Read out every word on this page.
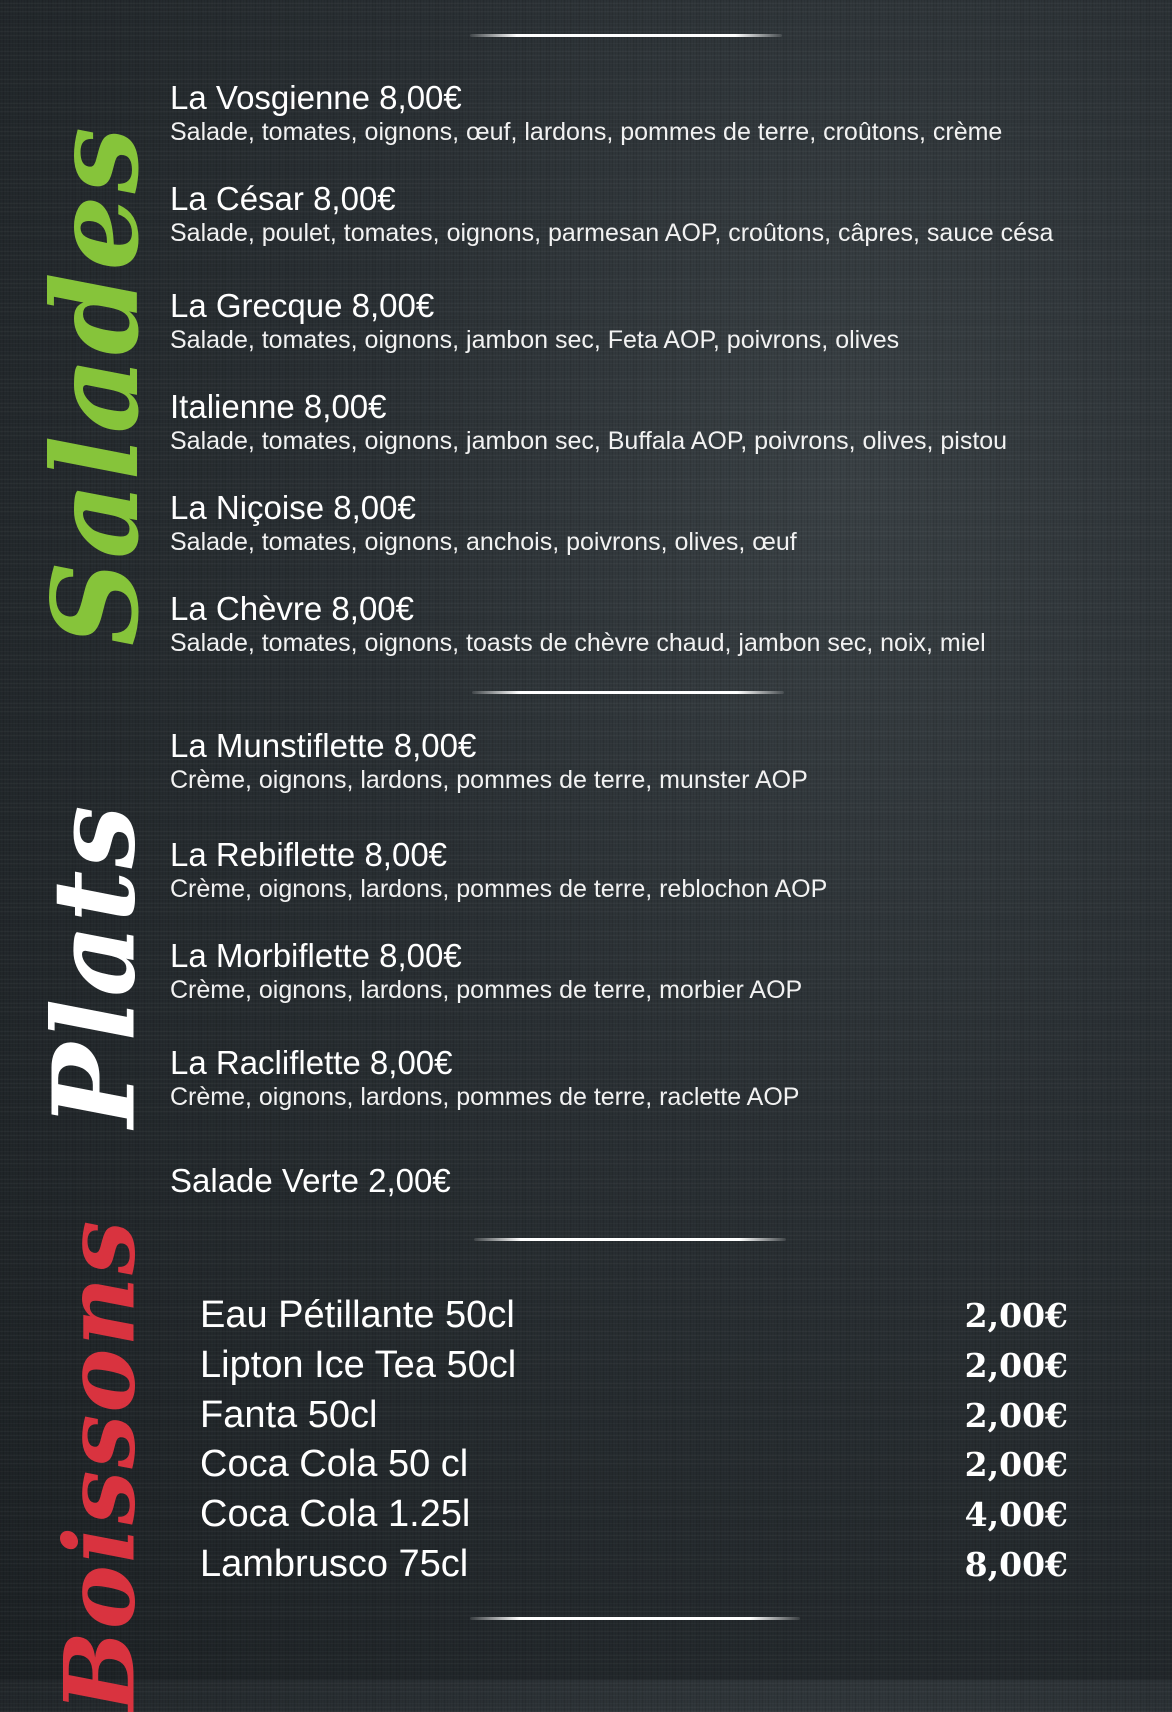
Salades
Plats
Boissons
La Vosgienne 8,00€
Salade, tomates, oignons, œuf, lardons, pommes de terre, croûtons, crème
La César 8,00€
Salade, poulet, tomates, oignons, parmesan AOP, croûtons, câpres, sauce césa
La Grecque 8,00€
Salade, tomates, oignons, jambon sec, Feta AOP, poivrons, olives
Italienne 8,00€
Salade, tomates, oignons, jambon sec, Buffala AOP, poivrons, olives, pistou
La Niçoise 8,00€
Salade, tomates, oignons, anchois, poivrons, olives, œuf
La Chèvre 8,00€
Salade, tomates, oignons, toasts de chèvre chaud, jambon sec, noix, miel
La Munstiflette 8,00€
Crème, oignons, lardons, pommes de terre, munster AOP
La Rebiflette 8,00€
Crème, oignons, lardons, pommes de terre, reblochon AOP
La Morbiflette 8,00€
Crème, oignons, lardons, pommes de terre, morbier AOP
La Racliflette 8,00€
Crème, oignons, lardons, pommes de terre, raclette AOP
Salade Verte 2,00€
Eau Pétillante 50cl	2,00€
Lipton Ice Tea 50cl	2,00€
Fanta 50cl	2,00€
Coca Cola 50 cl	2,00€
Coca Cola 1.25l	4,00€
Lambrusco 75cl	8,00€
